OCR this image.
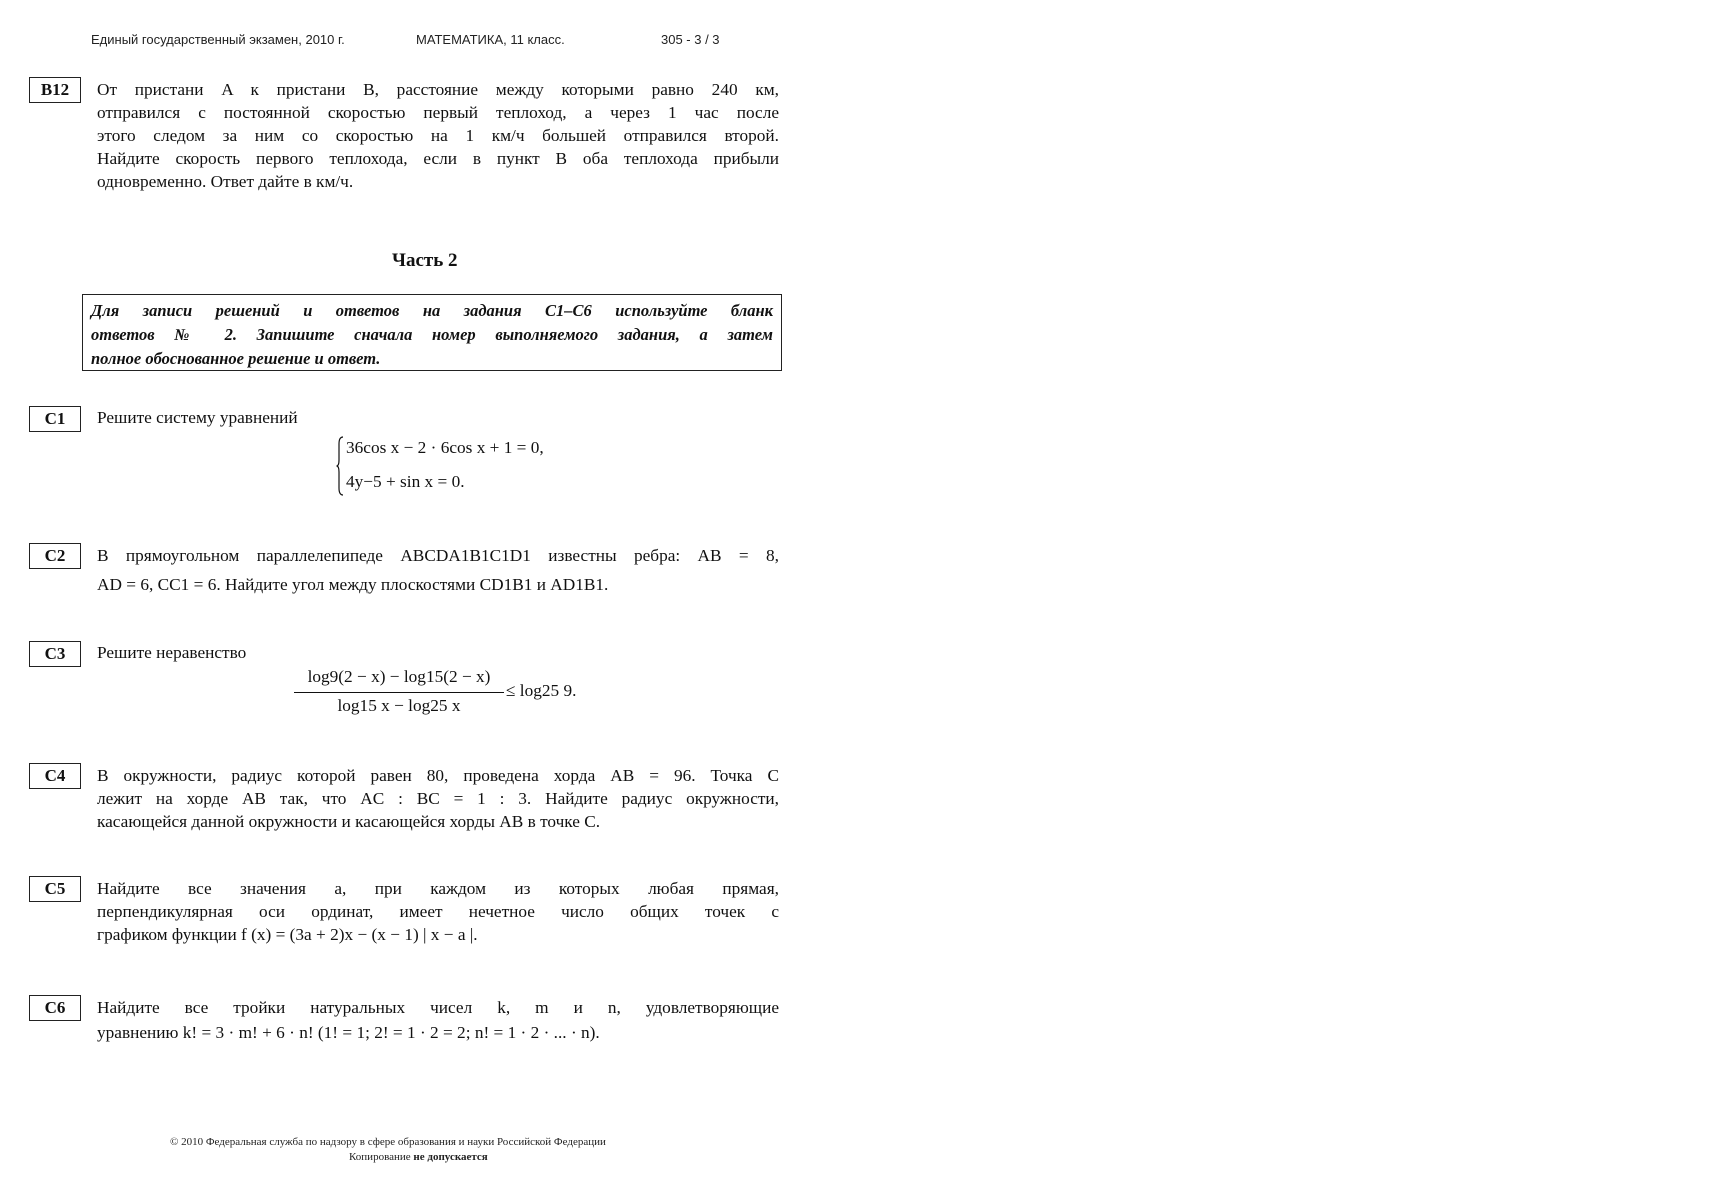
Единый государственный экзамен, 2010 г.	МАТЕМАТИКА, 11 класс.	305 - 3 / 3
B12	От пристани A к пристани B, расстояние между которыми равно 240 км,
отправился с постоянной скоростью первый теплоход, а через 1 час после
этого следом за ним со скоростью на 1 км/ч большей отправился второй.
Найдите скорость первого теплохода, если в пункт B оба теплохода прибыли
одновременно. Ответ дайте в км/ч.
Часть 2
Для записи решений и ответов на задания С1–С6 используйте бланк
ответов № 2. Запишите сначала номер выполняемого задания, а затем
полное обоснованное решение и ответ.
C1	Решите систему уравнений
36cos x − 2 · 6cos x + 1 = 0,
4y−5 + sin x = 0.
C2	В прямоугольном параллелепипеде ABCDA1B1C1D1 известны ребра: AB = 8,
AD = 6, CC1 = 6. Найдите угол между плоскостями CD1B1 и AD1B1.
C3	Решите неравенство
log9(2 − x) − log15(2 − x)
log15 x − log25 x
≤ log25 9.
C4	В окружности, радиус которой равен 80, проведена хорда AB = 96. Точка C
лежит на хорде AB так, что AC : BC = 1 : 3. Найдите радиус окружности,
касающейся данной окружности и касающейся хорды AB в точке C.
C5	Найдите все значения a, при каждом из которых любая прямая,
перпендикулярная оси ординат, имеет нечетное число общих точек с
графиком функции f (x) = (3a + 2)x − (x − 1) | x − a |.
C6	Найдите все тройки натуральных чисел k, m и n, удовлетворяющие
уравнению k! = 3 · m! + 6 · n! (1! = 1; 2! = 1 · 2 = 2; n! = 1 · 2 · ... · n).
© 2010 Федеральная служба по надзору в сфере образования и науки Российской Федерации
Копирование не допускается
